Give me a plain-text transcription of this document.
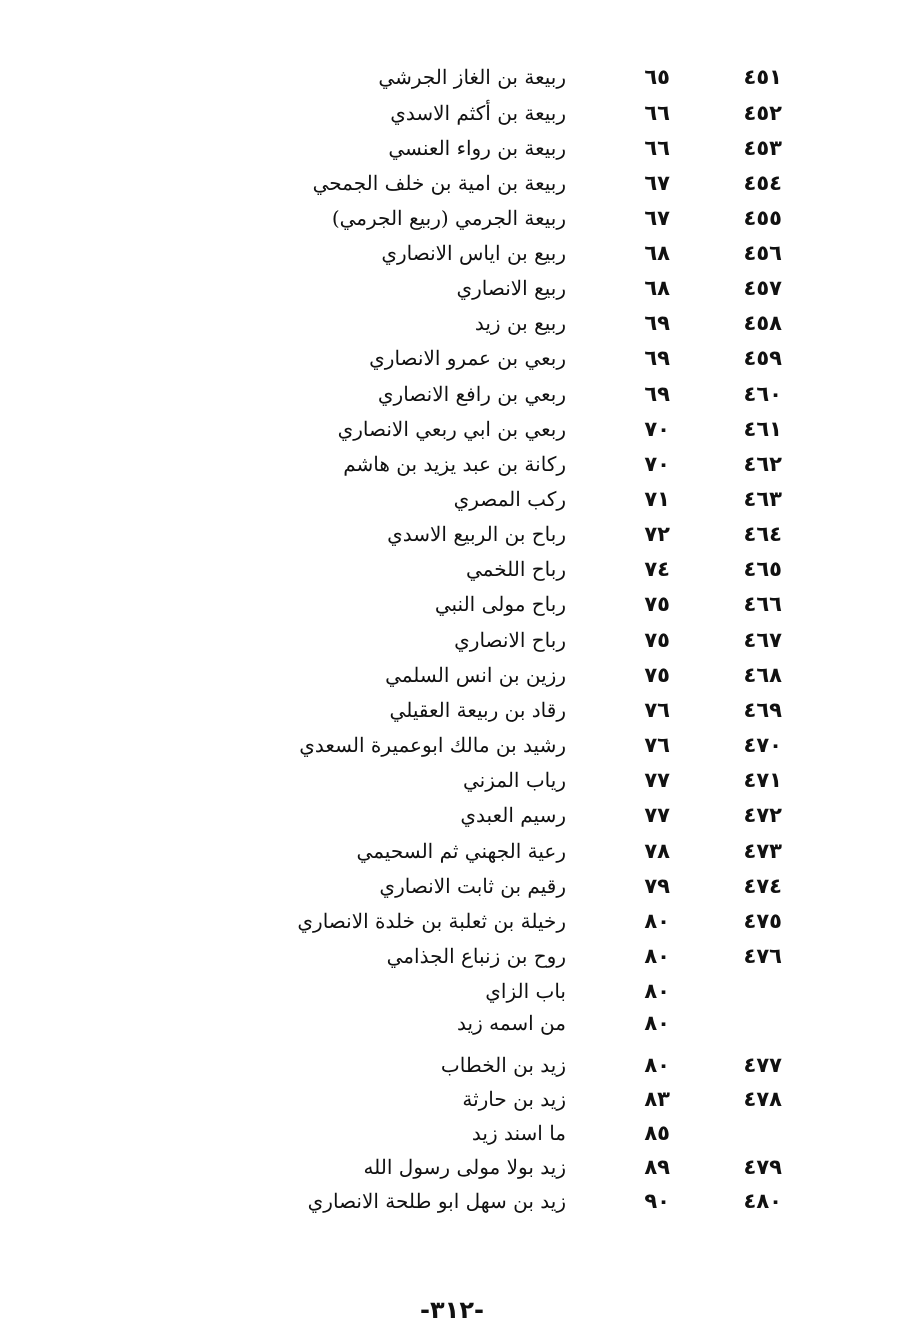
٤٥١
٦٥
ربيعة بن الغاز الجرشي
٤٥٢
٦٦
ربيعة بن أكثم الاسدي
٤٥٣
٦٦
ربيعة بن رواء العنسي
٤٥٤
٦٧
ربيعة بن امية بن خلف الجمحي
٤٥٥
٦٧
ربيعة الجرمي (ربيع الجرمي)
٤٥٦
٦٨
ربيع بن اياس الانصاري
٤٥٧
٦٨
ربيع الانصاري
٤٥٨
٦٩
ربيع بن زيد
٤٥٩
٦٩
ربعي بن عمرو الانصاري
٤٦٠
٦٩
ربعي بن رافع الانصاري
٤٦١
٧٠
ربعي بن ابي ربعي الانصاري
٤٦٢
٧٠
ركانة بن عبد يزيد بن هاشم
٤٦٣
٧١
ركب المصري
٤٦٤
٧٢
رباح بن الربيع الاسدي
٤٦٥
٧٤
رباح اللخمي
٤٦٦
٧٥
رباح مولى النبي
٤٦٧
٧٥
رباح الانصاري
٤٦٨
٧٥
رزين بن انس السلمي
٤٦٩
٧٦
رقاد بن ربيعة العقيلي
٤٧٠
٧٦
رشيد بن مالك ابوعميرة السعدي
٤٧١
٧٧
رياب المزني
٤٧٢
٧٧
رسيم العبدي
٤٧٣
٧٨
رعية الجهني ثم السحيمي
٤٧٤
٧٩
رقيم بن ثابت الانصاري
٤٧٥
٨٠
رخيلة بن ثعلبة بن خلدة الانصاري
٤٧٦
٨٠
روح بن زنباع الجذامي
٨٠
باب الزاي
٨٠
من اسمه زيد
٤٧٧
٨٠
زيد بن الخطاب
٤٧٨
٨٣
زيد بن حارثة
٨٥
ما اسند زيد
٤٧٩
٨٩
زيد بولا مولى رسول الله
٤٨٠
٩٠
زيد بن سهل ابو طلحة الانصاري
-٣١٢-
